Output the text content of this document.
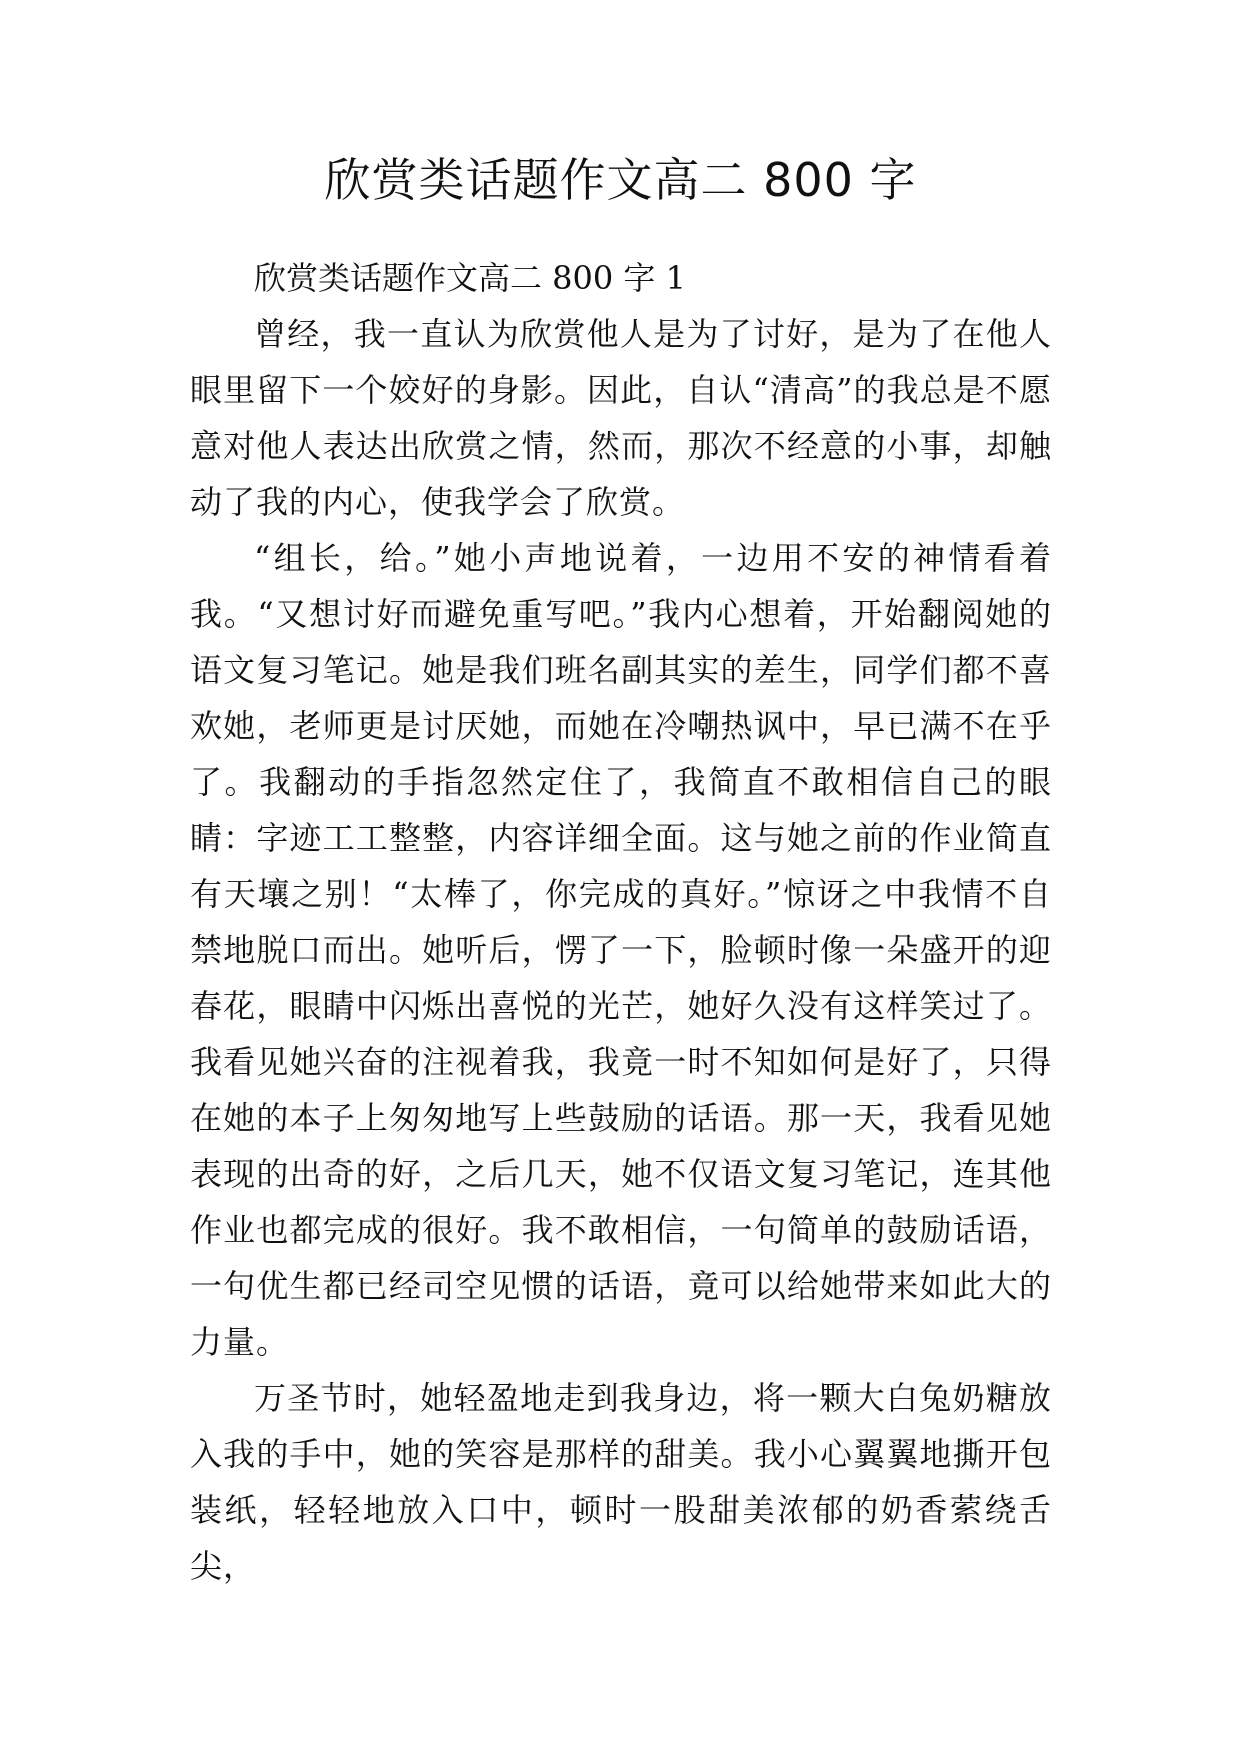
欣赏类话题作文高二 800 字

欣赏类话题作文高二 800 字 1

曾经，我一直认为欣赏他人是为了讨好，是为了在他人眼里留下一个姣好的身影。因此，自认“清高”的我总是不愿意对他人表达出欣赏之情，然而，那次不经意的小事，却触动了我的内心，使我学会了欣赏。

“组长，给。”她小声地说着，一边用不安的神情看着我。“又想讨好而避免重写吧。”我内心想着，开始翻阅她的语文复习笔记。她是我们班名副其实的差生，同学们都不喜欢她，老师更是讨厌她，而她在冷嘲热讽中，早已满不在乎了。我翻动的手指忽然定住了，我简直不敢相信自己的眼睛：字迹工工整整，内容详细全面。这与她之前的作业简直有天壤之别！“太棒了，你完成的真好。”惊讶之中我情不自禁地脱口而出。她听后，愣了一下，脸顿时像一朵盛开的迎春花，眼睛中闪烁出喜悦的光芒，她好久没有这样笑过了。我看见她兴奋的注视着我，我竟一时不知如何是好了，只得在她的本子上匆匆地写上些鼓励的话语。那一天，我看见她表现的出奇的好，之后几天，她不仅语文复习笔记，连其他作业也都完成的很好。我不敢相信，一句简单的鼓励话语，一句优生都已经司空见惯的话语，竟可以给她带来如此大的力量。

万圣节时，她轻盈地走到我身边，将一颗大白兔奶糖放入我的手中，她的笑容是那样的甜美。我小心翼翼地撕开包装纸，轻轻地放入口中，顿时一股甜美浓郁的奶香萦绕舌尖，
